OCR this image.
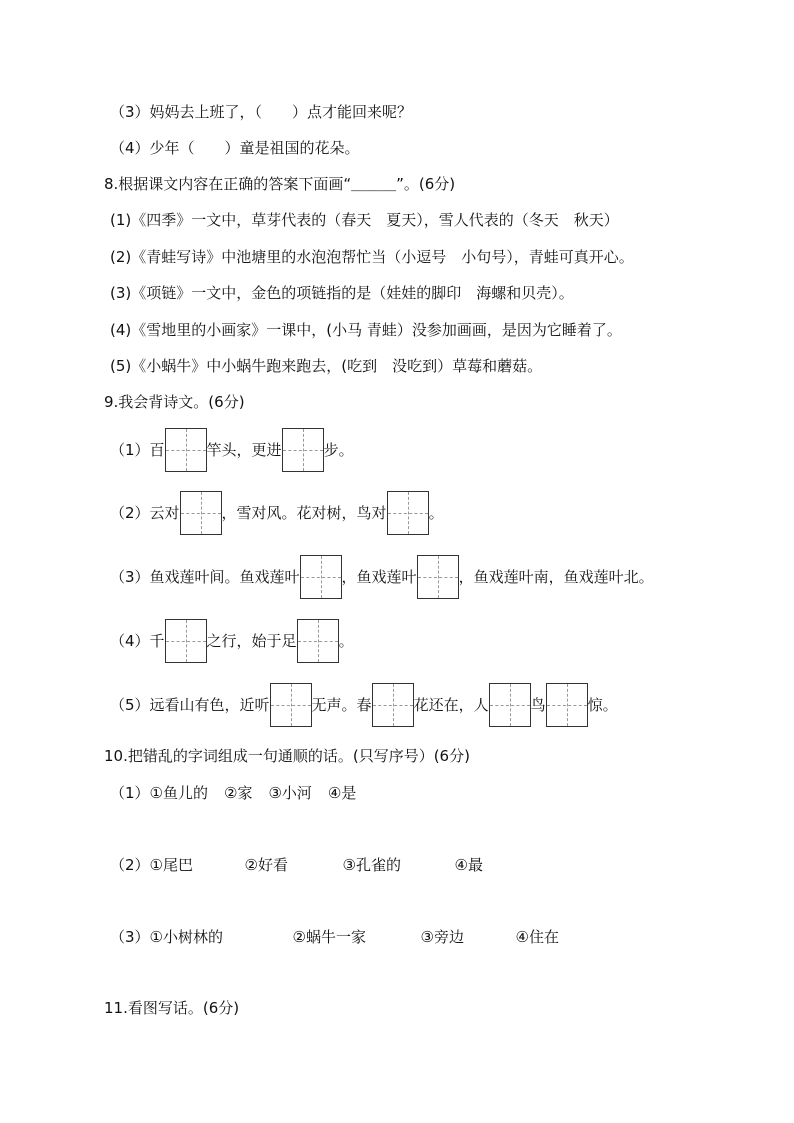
（3）妈妈去上班了，（　　）点才能回来呢？
（4）少年（　　）童是祖国的花朵。
8.根据课文内容在正确的答案下面画“＿＿＿”。(6分)
(1)《四季》一文中，草芽代表的（春天　夏天），雪人代表的（冬天　秋天）
(2)《青蛙写诗》中池塘里的水泡泡帮忙当（小逗号　小句号），青蛙可真开心。
(3)《项链》一文中，金色的项链指的是（娃娃的脚印　海螺和贝壳）。
(4)《雪地里的小画家》一课中，(小马 青蛙）没参加画画，是因为它睡着了。
(5)《小蜗牛》中小蜗牛跑来跑去，(吃到　没吃到）草莓和蘑菇。
9.我会背诗文。(6分)
（1）百	竿头，更进	步。
（2）云对	，雪对风。花对树，鸟对	。
（3）鱼戏莲叶间。鱼戏莲叶	，鱼戏莲叶	，鱼戏莲叶南，鱼戏莲叶北。
（4）千	之行，始于足	。
（5）远看山有色，近听	无声。春	花还在，人	鸟	惊。
10.把错乱的字词组成一句通顺的话。(只写序号）(6分)
（1）①鱼儿的 ②家 ③小河 ④是
（2）①尾巴	②好看	③孔雀的	④最
（3）①小树林的	②蜗牛一家	③旁边	④住在
11.看图写话。(6分)
